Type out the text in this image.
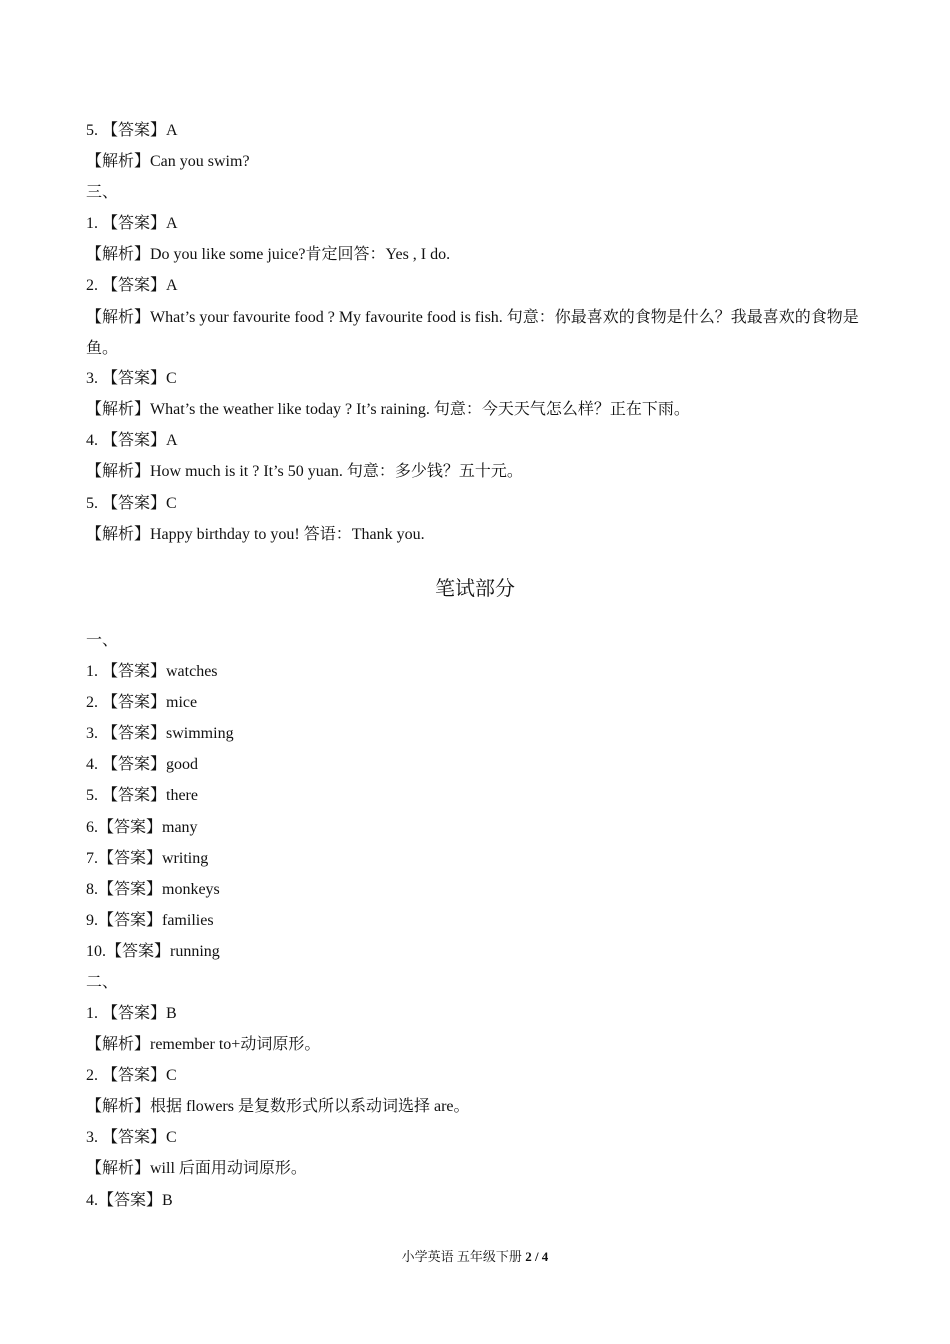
5. 【答案】A
【解析】Can you swim?
三、
1. 【答案】A
【解析】Do you like some juice?肯定回答：Yes , I do.
2. 【答案】A
【解析】What’s your favourite food ? My favourite food is fish. 句意：你最喜欢的食物是什么？我最喜欢的食物是鱼。
3. 【答案】C
【解析】What’s the weather like today ? It’s raining. 句意：今天天气怎么样？正在下雨。
4. 【答案】A
【解析】How much is it ? It’s 50 yuan. 句意：多少钱？五十元。
5. 【答案】C
【解析】Happy birthday to you! 答语：Thank you.
笔试部分
一、
1. 【答案】watches
2. 【答案】mice
3. 【答案】swimming
4. 【答案】good
5. 【答案】there
6.【答案】many
7.【答案】writing
8.【答案】monkeys
9.【答案】families
10.【答案】running
二、
1. 【答案】B
【解析】remember to+动词原形。
2. 【答案】C
【解析】根据 flowers 是复数形式所以系动词选择 are。
3. 【答案】C
【解析】will 后面用动词原形。
4.【答案】B
小学英语 五年级下册 2 / 4
